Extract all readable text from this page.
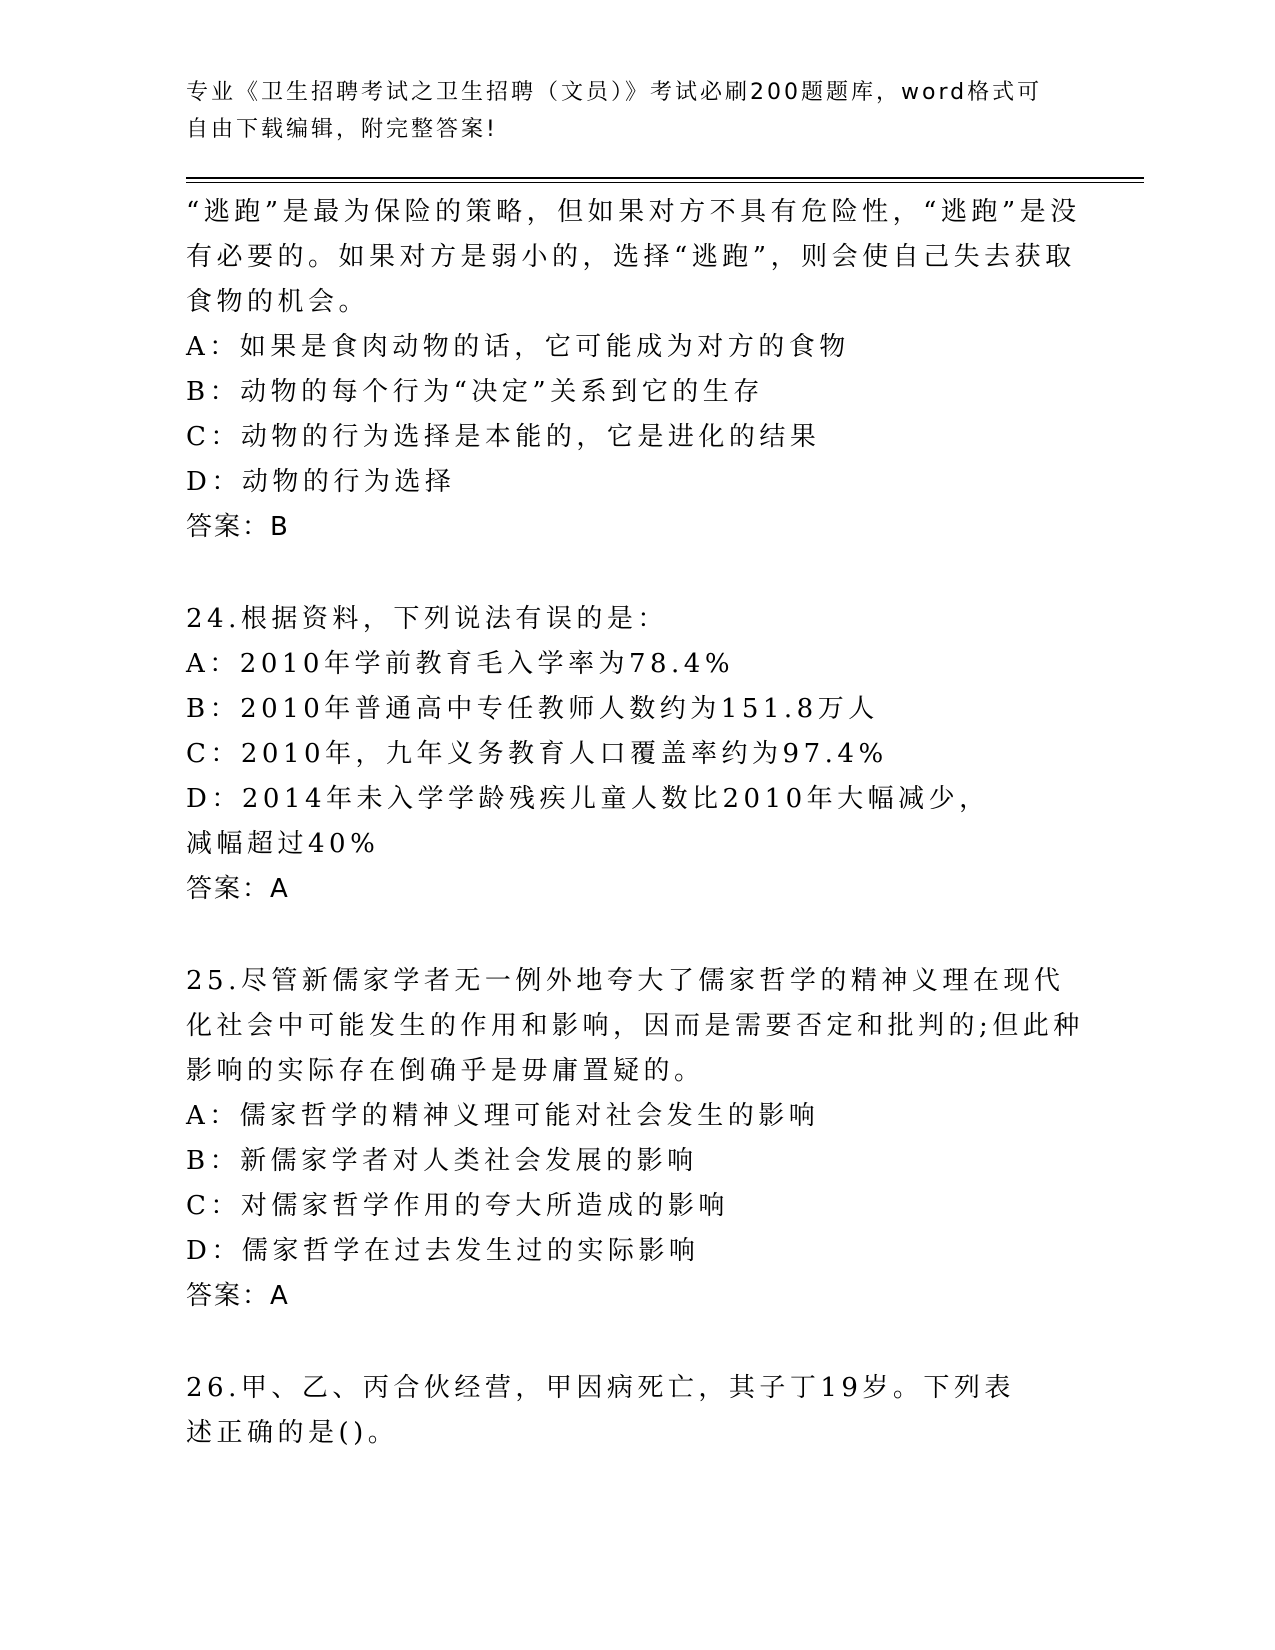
专业《卫生招聘考试之卫生招聘（文员）》考试必刷200题题库，word格式可自由下载编辑，附完整答案!

“逃跑”是最为保险的策略，但如果对方不具有危险性，“逃跑”是没有必要的。如果对方是弱小的，选择“逃跑”，则会使自己失去获取食物的机会。

A：如果是食肉动物的话，它可能成为对方的食物

B：动物的每个行为“决定”关系到它的生存

C：动物的行为选择是本能的，它是进化的结果

D：动物的行为选择

答案：B

24.根据资料，下列说法有误的是：

A：2010年学前教育毛入学率为78.4%

B：2010年普通高中专任教师人数约为151.8万人

C：2010年，九年义务教育人口覆盖率约为97.4%

D：2014年未入学学龄残疾儿童人数比2010年大幅减少，减幅超过40%

答案：A

25.尽管新儒家学者无一例外地夸大了儒家哲学的精神义理在现代化社会中可能发生的作用和影响，因而是需要否定和批判的;但此种影响的实际存在倒确乎是毋庸置疑的。

A：儒家哲学的精神义理可能对社会发生的影响

B：新儒家学者对人类社会发展的影响

C：对儒家哲学作用的夸大所造成的影响

D：儒家哲学在过去发生过的实际影响

答案：A

26.甲、乙、丙合伙经营，甲因病死亡，其子丁19岁。下列表述正确的是()。
